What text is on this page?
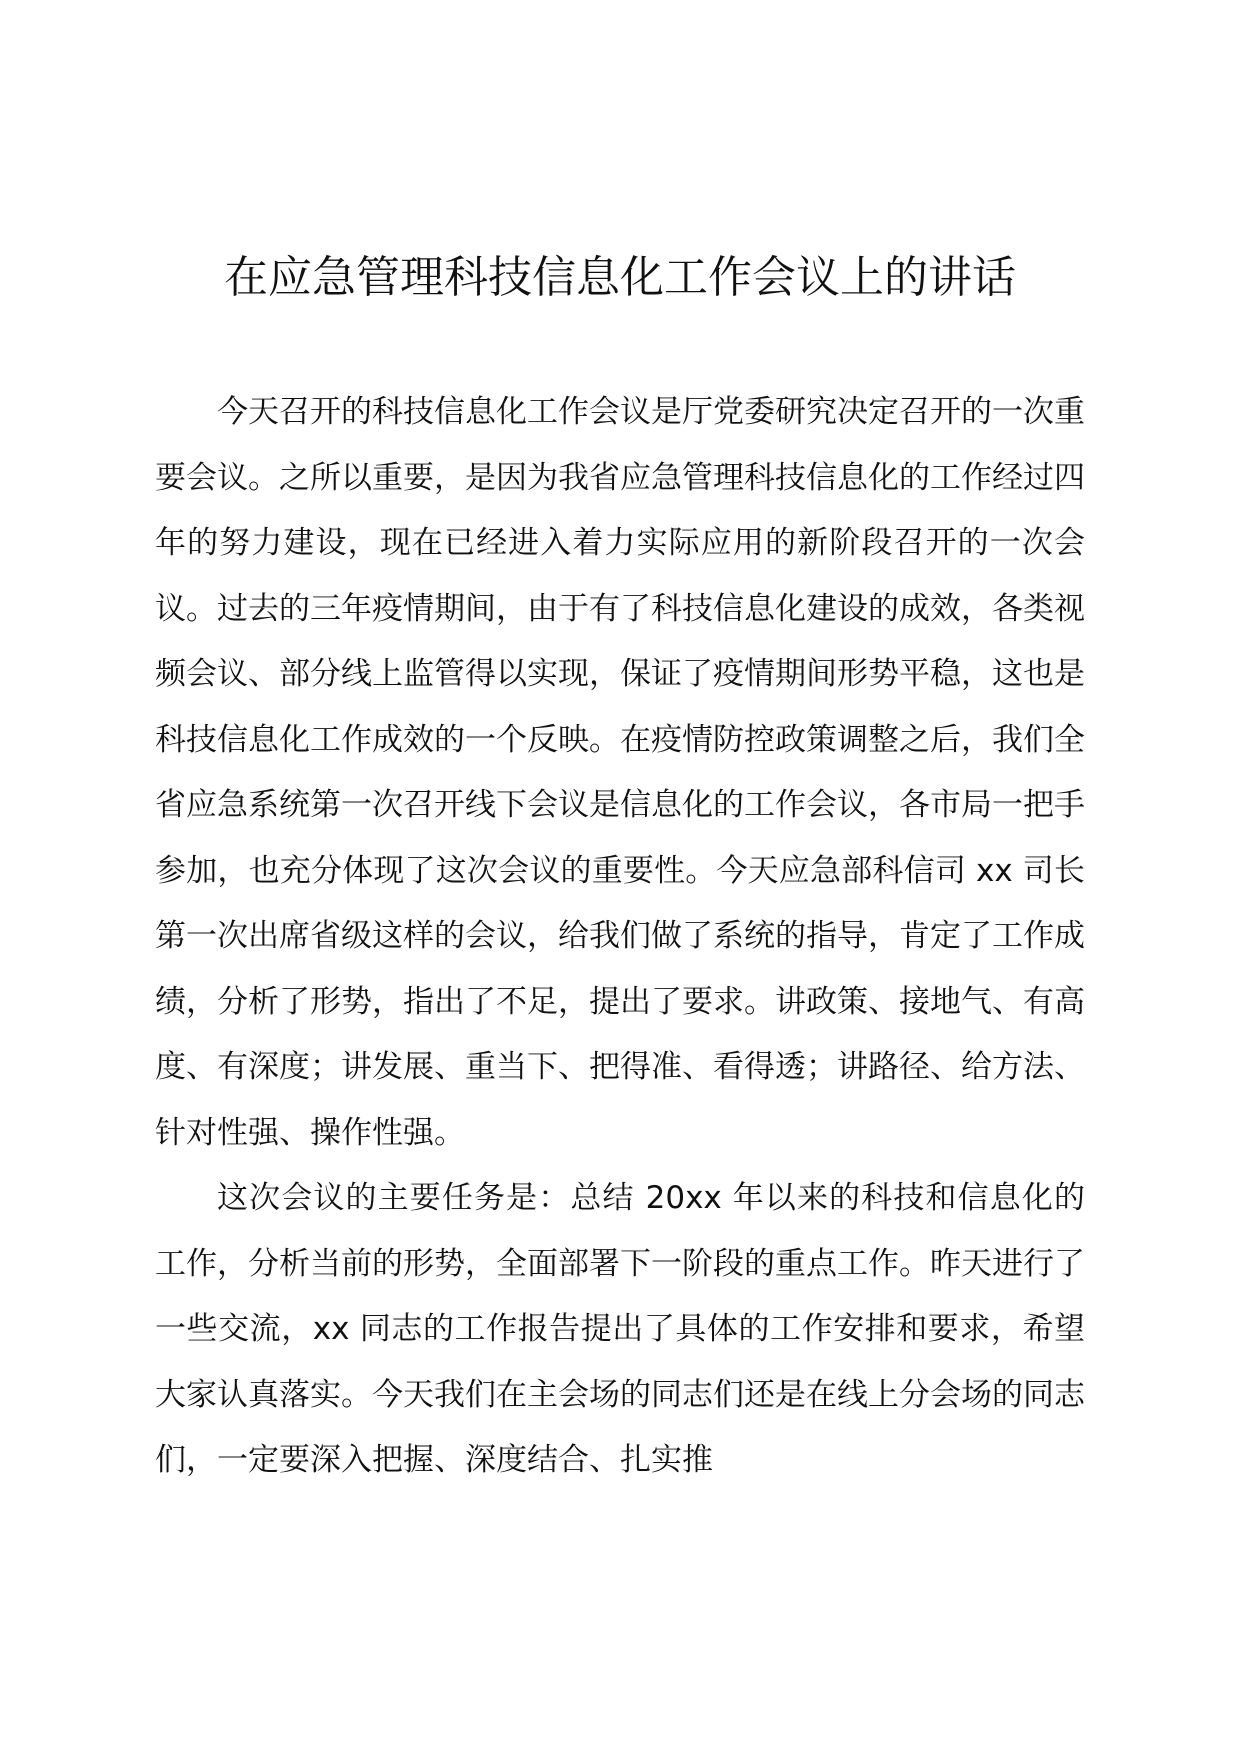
在应急管理科技信息化工作会议上的讲话

今天召开的科技信息化工作会议是厅党委研究决定召开的一次重要会议。之所以重要，是因为我省应急管理科技信息化的工作经过四年的努力建设，现在已经进入着力实际应用的新阶段召开的一次会议。过去的三年疫情期间，由于有了科技信息化建设的成效，各类视频会议、部分线上监管得以实现，保证了疫情期间形势平稳，这也是科技信息化工作成效的一个反映。在疫情防控政策调整之后，我们全省应急系统第一次召开线下会议是信息化的工作会议，各市局一把手参加，也充分体现了这次会议的重要性。今天应急部科信司 xx 司长第一次出席省级这样的会议，给我们做了系统的指导，肯定了工作成绩，分析了形势，指出了不足，提出了要求。讲政策、接地气、有高度、有深度；讲发展、重当下、把得准、看得透；讲路径、给方法、针对性强、操作性强。

这次会议的主要任务是：总结 20xx 年以来的科技和信息化的工作，分析当前的形势，全面部署下一阶段的重点工作。昨天进行了一些交流，xx 同志的工作报告提出了具体的工作安排和要求，希望大家认真落实。今天我们在主会场的同志们还是在线上分会场的同志们，一定要深入把握、深度结合、扎实推
